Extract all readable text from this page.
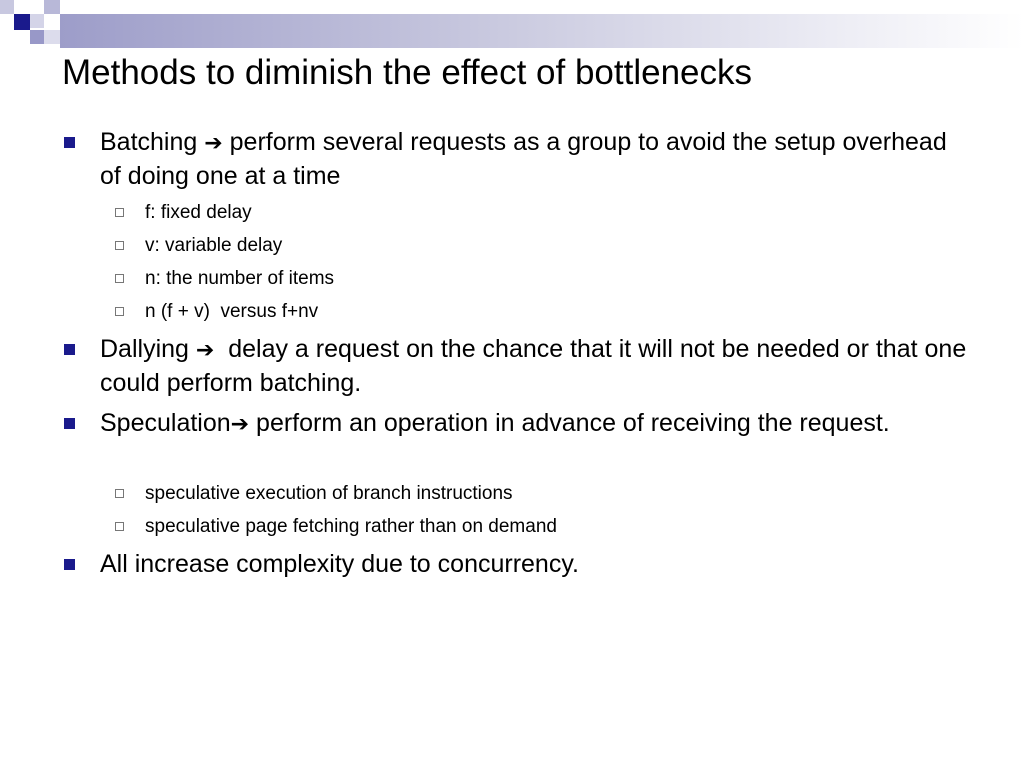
Methods to diminish the effect of bottlenecks
Batching ➔ perform several requests as a group to avoid the setup overhead of doing one at a time
f: fixed delay
v: variable delay
n: the number of items
n (f + v)  versus f+nv
Dallying ➔  delay a request on the chance that it will not be needed or that one could perform batching.
Speculation➔ perform an operation in advance of receiving the request.
speculative execution of branch instructions
speculative page fetching rather than on demand
All increase complexity due to concurrency.
